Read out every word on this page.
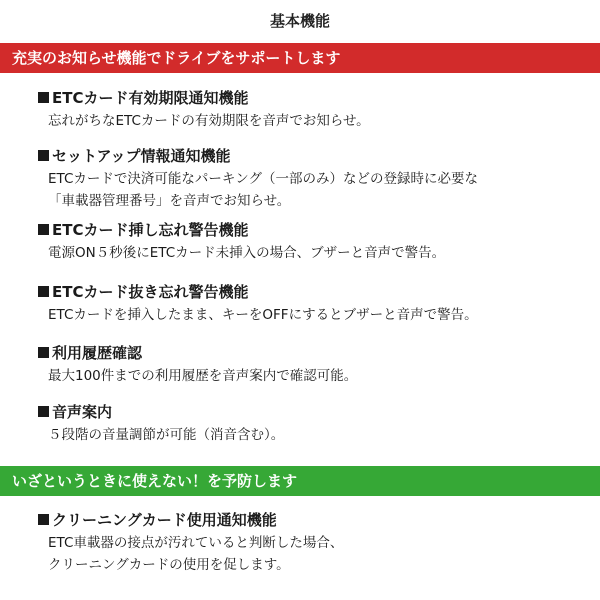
基本機能
充実のお知らせ機能でドライブをサポートします
ETCカード有効期限通知機能
忘れがちなETCカードの有効期限を音声でお知らせ。
セットアップ情報通知機能
ETCカードで決済可能なパーキング（一部のみ）などの登録時に必要な
「車載器管理番号」を音声でお知らせ。
ETCカード挿し忘れ警告機能
電源ON５秒後にETCカード未挿入の場合、ブザーと音声で警告。
ETCカード抜き忘れ警告機能
ETCカードを挿入したまま、キーをOFFにするとブザーと音声で警告。
利用履歴確認
最大100件までの利用履歴を音声案内で確認可能。
音声案内
５段階の音量調節が可能（消音含む）。
いざというときに使えない！を予防します
クリーニングカード使用通知機能
ETC車載器の接点が汚れていると判断した場合、
クリーニングカードの使用を促します。
